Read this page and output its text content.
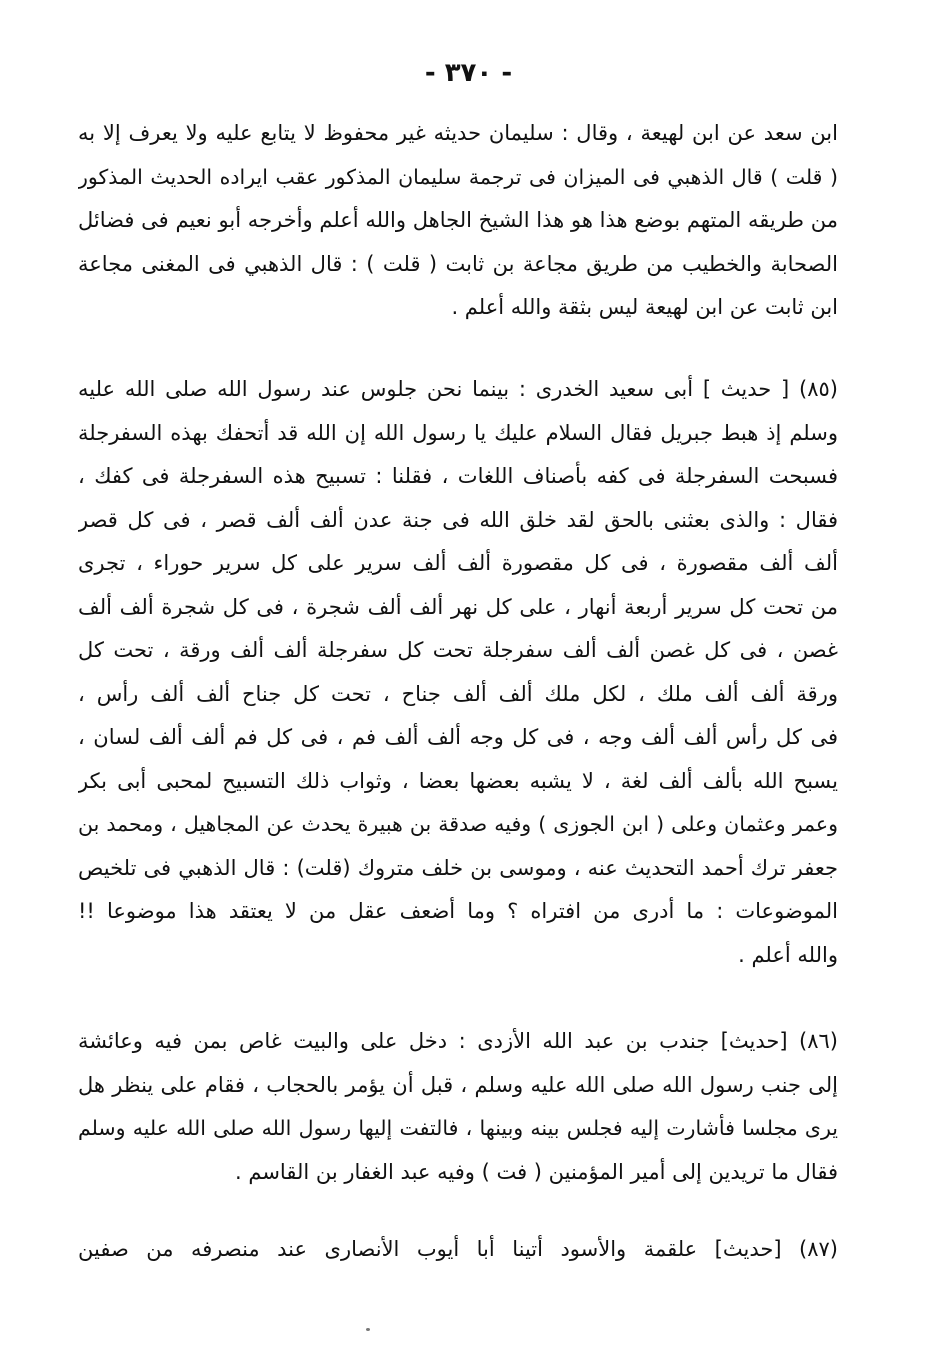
- ٣٧٠ -
ابن سعد عن ابن لهيعة ، وقال : سليمان حديثه غير محفوظ لا يتابع عليه ولا يعرف إلا به
( قلت ) قال الذهبي فى الميزان فى ترجمة سليمان المذكور عقب ايراده الحديث المذكور
من طريقه المتهم بوضع هذا هو هذا الشيخ الجاهل والله أعلم وأخرجه أبو نعيم فى فضائل
الصحابة والخطيب من طريق مجاعة بن ثابت ( قلت ) : قال الذهبي فى المغنى مجاعة
ابن ثابت عن ابن لهيعة ليس بثقة والله أعلم .
(٨٥) [ حديث ] أبى سعيد الخدرى : بينما نحن جلوس عند رسول الله صلى الله عليه
وسلم إذ هبط جبريل فقال السلام عليك يا رسول الله إن الله قد أتحفك بهذه السفرجلة
فسبحت السفرجلة فى كفه بأصناف اللغات ، فقلنا : تسبيح هذه السفرجلة فى كفك ،
فقال : والذى بعثنى بالحق لقد خلق الله فى جنة عدن ألف ألف قصر ، فى كل قصر
ألف ألف مقصورة ، فى كل مقصورة ألف ألف سرير على كل سرير حوراء ، تجرى
من تحت كل سرير أربعة أنهار ، على كل نهر ألف ألف شجرة ، فى كل شجرة ألف ألف
غصن ، فى كل غصن ألف ألف سفرجلة تحت كل سفرجلة ألف ألف ورقة ، تحت كل
ورقة ألف ألف ملك ، لكل ملك ألف ألف جناح ، تحت كل جناح ألف ألف رأس ،
فى كل رأس ألف ألف وجه ، فى كل وجه ألف ألف فم ، فى كل فم ألف ألف لسان ،
يسبح الله بألف ألف لغة ، لا يشبه بعضها بعضا ، وثواب ذلك التسبيح لمحبى أبى بكر
وعمر وعثمان وعلى ( ابن الجوزى ) وفيه صدقة بن هبيرة يحدث عن المجاهيل ، ومحمد بن
جعفر ترك أحمد التحديث عنه ، وموسى بن خلف متروك (قلت) : قال الذهبي فى تلخيص
الموضوعات : ما أدرى من افتراه ؟ وما أضعف عقل من لا يعتقد هذا موضوعا !!
والله أعلم .
(٨٦) [حديث] جندب بن عبد الله الأزدى : دخل على والبيت غاص بمن فيه وعائشة
إلى جنب رسول الله صلى الله عليه وسلم ، قبل أن يؤمر بالحجاب ، فقام على ينظر هل
يرى مجلسا فأشارت إليه فجلس بينه وبينها ، فالتفت إليها رسول الله صلى الله عليه وسلم
فقال ما تريدين إلى أمير المؤمنين ( فت ) وفيه عبد الغفار بن القاسم .
(٨٧) [حديث] علقمة والأسود أتينا أبا أيوب الأنصارى عند منصرفه من صفين
